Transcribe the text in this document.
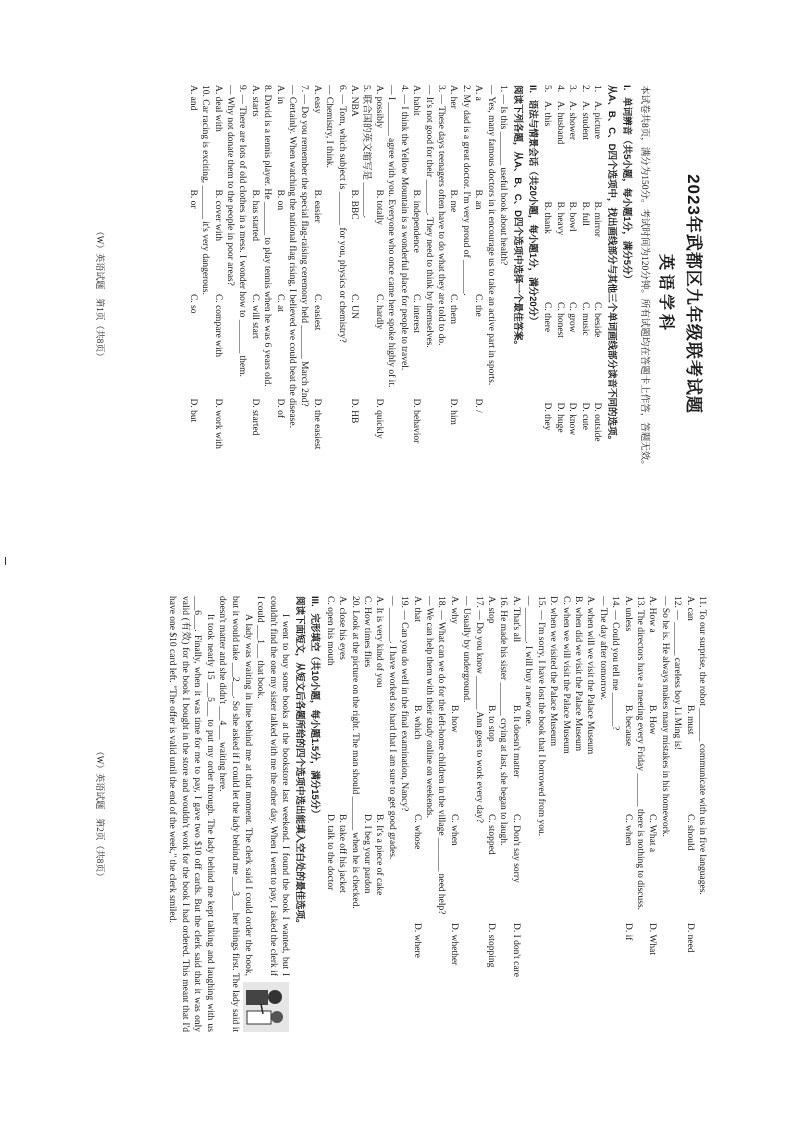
2023年武都区九年级联考试题
英语学科
本试卷共8页，满分为150分。考试时间为120分钟。所有试题均在答题卡上作答，答题无效。
I．单词辨音（共5小题，每小题1分，满分5分）
从A、B、C、D四个选项中，找出画线部分与其他三个单词画线部分读音不同的选项。
1.
A. picture
B. mirror
C. beside
D. outside
2.
A. student
B. full
C. music
D. cute
3.
A. shower
B. bowl
C. grow
D. know
4.
A. husband
B. heavy
C. honest
D. huge
5.
A. this
B. thank
C. there
D. they
II．语法与情景会话（共20小题，每小题1分，满分20分）
阅读下列各题，从A、B、C、D四个选项中选择一个最佳答案。
1. — Is this _______ useful book about health?
— Yes, many famous doctors in it encourage us to take an active part in sports.
A. a
B. an
C. the
D. /
2. My dad is a great doctor. I'm very proud of _______.
A. her
B. me
C. them
D. him
3. — These days teenagers often have to do what they are told to do.
— It's not good for their _______. They need to think by themselves.
A. habit
B. independence
C. interest
D. behavior
4. — I think the Yellow Mountain is a wonderful place for people to travel.
— I _______ agree with you. Everyone who once came here spoke highly of it.
A. possibly
B. totally
C. hardly
D. quickly
5. 联合国的英文缩写是 _______.
A. NBA
B. BBC
C. UN
D. HB
6. — Tom, which subject is _______ for you, physics or chemistry?
— Chemistry, I think.
A. easy
B. easier
C. easiest
D. the easiest
7. — Do you remember the special flag-raising ceremony held _______ March 2nd?
— Certainly. When watching the national flag rising, I believed we could beat the disease.
A. in
B. on
C. at
D. of
8. David is a tennis player. He _______ to play tennis when he was 6 years old.
A. starts
B. has started
C. will start
D. started
9. — There are lots of old clothes in a mess. I wonder how to _______ them.
— Why not donate them to the people in poor areas?
A. deal with
B. cover with
C. compare with
D. work with
10. Car racing is exciting, _______ it's very dangerous.
A. and
B. or
C. so
D. but
（W）英语试题　第1页（共8页）
11. To our surprise, the robot _______ communicate with us in five languages.
A. can
B. must
C. should
D. need
12. — _______ careless boy Li Ming is!
— So he is. He always makes many mistakes in his homework.
A. How a
B. How
C. What a
D. What
13. The directors have a meeting every Friday _______ there is nothing to discuss.
A. unless
B. because
C. when
D. if
14. — Could you tell me _______?
— The day after tomorrow.
A. when will we visit the Palace Museum
B. when did we visit the Palace Museum
C. when we will visit the Palace Museum
D. when we visited the Palace Museum
15. — I'm sorry, I have lost the book that I borrowed from you.
— _______. I will buy a new one.
A. That's all
B. It doesn't matter
C. Don't say sorry
D. I don't care
16. He made his sister _______ crying at last, she began to laugh.
A. stop
B. to stop
C. stopped
D. stopping
17. — Do you know _______ Ann goes to work every day?
— Usually by underground.
A. why
B. how
C. when
D. whether
18. — What can we do for the left-home children in the village _______ need help?
— We can help them with their study online on weekends.
A. that
B. which
C. whose
D. where
19. — Can you do well in the final examination, Nancy?
— _______. I have worked so hard that I am sure to get good grades.
A. It is very kind of you
B. It's a piece of cake
C. How times flies
D. I beg your pardon
20. Look at the picture on the right. The man should _______ when he is checked.
A. close his eyes
B. take off his jacket
C. open his mouth
D. talk to the doctor
III．完形填空（共10小题，每小题1.5分，满分15分）
阅读下面短文，从短文后各题所给的四个选项中选出能填入空白处的最佳选项。

I went to buy some books at the bookstore last weekend. I found the book I wanted, but I couldn't find the one my sister talked with me the other day. When I went to pay, I asked the clerk if I could ___1___ that book.

A lady was waiting in line behind me at that moment. The clerk said I could order the book, but it would take ___2___. So she asked if I could let the lady behind me ___3___ her things first. The lady said it doesn't matter and she didn't ___4___ waiting here.

It took nearly 15 ___5___ to put my order through. The lady behind me kept talking and laughing with us ___6___. Finally, when it was time for me to pay, I gave two $10 off cards. But the clerk said that it was only valid (有效) for the book I bought in the store and wouldn't work for the book I had ordered. This meant that I'd have one $10 card left. "The offer is valid until the end of the week," the clerk smiled.

（W）英语试题　第2页（共8页）
